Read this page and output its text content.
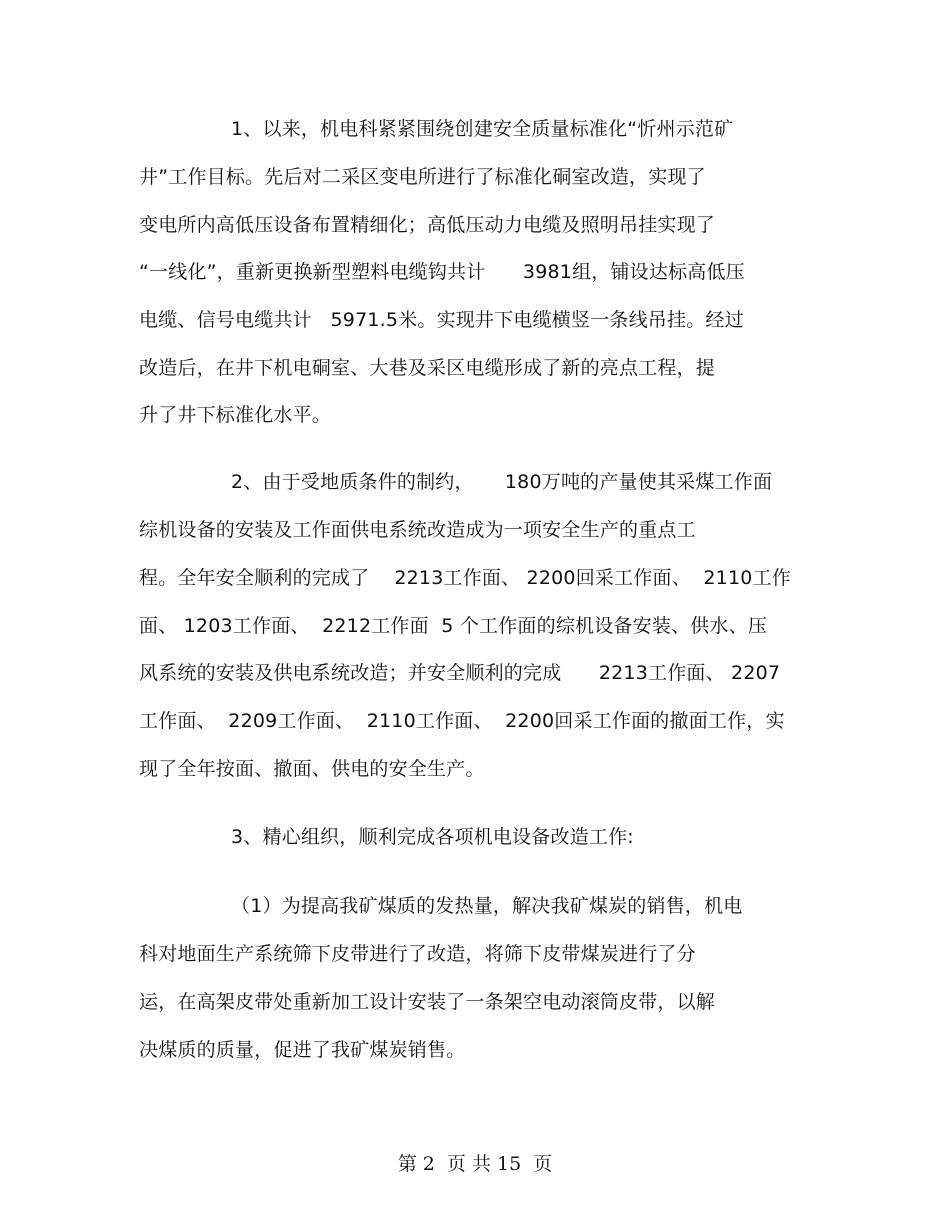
1、以来，机电科紧紧围绕创建安全质量标准化“忻州示范矿
井”工作目标。先后对二采区变电所进行了标准化硐室改造，实现了
变电所内高低压设备布置精细化；高低压动力电缆及照明吊挂实现了
“一线化”，重新更换新型塑料电缆钩共计      3981组，铺设达标高低压
电缆、信号电缆共计   5971.5米。实现井下电缆横竖一条线吊挂。经过
改造后，在井下机电硐室、大巷及采区电缆形成了新的亮点工程，提
升了井下标准化水平。
2、由于受地质条件的制约，     180万吨的产量使其采煤工作面
综机设备的安装及工作面供电系统改造成为一项安全生产的重点工
程。全年安全顺利的完成了    2213工作面、 2200回采工作面、  2110工作
面、 1203工作面、  2212工作面  5 个工作面的综机设备安装、供水、压
风系统的安装及供电系统改造；并安全顺利的完成      2213工作面、 2207
工作面、  2209工作面、  2110工作面、  2200回采工作面的撤面工作，实
现了全年按面、撤面、供电的安全生产。
3、精心组织，顺利完成各项机电设备改造工作:
（1）为提高我矿煤质的发热量，解决我矿煤炭的销售，机电
科对地面生产系统筛下皮带进行了改造，将筛下皮带煤炭进行了分
运，在高架皮带处重新加工设计安装了一条架空电动滚筒皮带，以解
决煤质的质量，促进了我矿煤炭销售。
第 2  页 共 15  页
